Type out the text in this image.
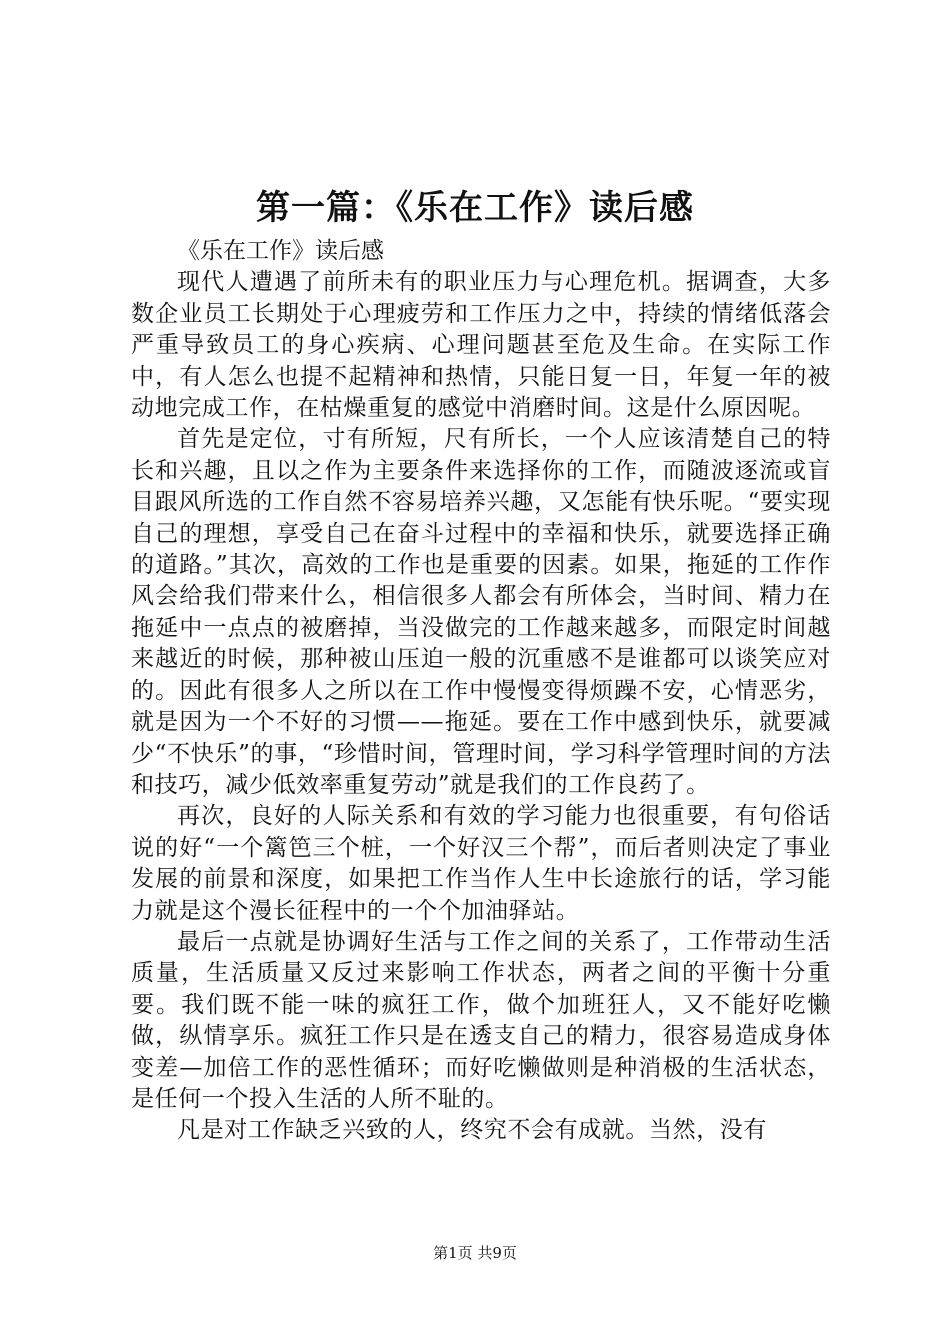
第一篇：《乐在工作》读后感

《乐在工作》读后感

现代人遭遇了前所未有的职业压力与心理危机。据调查，大多数企业员工长期处于心理疲劳和工作压力之中，持续的情绪低落会严重导致员工的身心疾病、心理问题甚至危及生命。在实际工作中，有人怎么也提不起精神和热情，只能日复一日，年复一年的被动地完成工作，在枯燥重复的感觉中消磨时间。这是什么原因呢。

首先是定位，寸有所短，尺有所长，一个人应该清楚自己的特长和兴趣，且以之作为主要条件来选择你的工作，而随波逐流或盲目跟风所选的工作自然不容易培养兴趣，又怎能有快乐呢。“要实现自己的理想，享受自己在奋斗过程中的幸福和快乐，就要选择正确的道路。”其次，高效的工作也是重要的因素。如果，拖延的工作作风会给我们带来什么，相信很多人都会有所体会，当时间、精力在拖延中一点点的被磨掉，当没做完的工作越来越多，而限定时间越来越近的时候，那种被山压迫一般的沉重感不是谁都可以谈笑应对的。因此有很多人之所以在工作中慢慢变得烦躁不安，心情恶劣，就是因为一个不好的习惯——拖延。要在工作中感到快乐，就要减少“不快乐”的事，“珍惜时间，管理时间，学习科学管理时间的方法和技巧，减少低效率重复劳动”就是我们的工作良药了。

再次，良好的人际关系和有效的学习能力也很重要，有句俗话说的好“一个篱笆三个桩，一个好汉三个帮”，而后者则决定了事业发展的前景和深度，如果把工作当作人生中长途旅行的话，学习能力就是这个漫长征程中的一个个加油驿站。

最后一点就是协调好生活与工作之间的关系了，工作带动生活质量，生活质量又反过来影响工作状态，两者之间的平衡十分重要。我们既不能一味的疯狂工作，做个加班狂人，又不能好吃懒做，纵情享乐。疯狂工作只是在透支自己的精力，很容易造成身体变差—加倍工作的恶性循环；而好吃懒做则是种消极的生活状态，是任何一个投入生活的人所不耻的。

凡是对工作缺乏兴致的人，终究不会有成就。当然，没有

第1页 共9页
